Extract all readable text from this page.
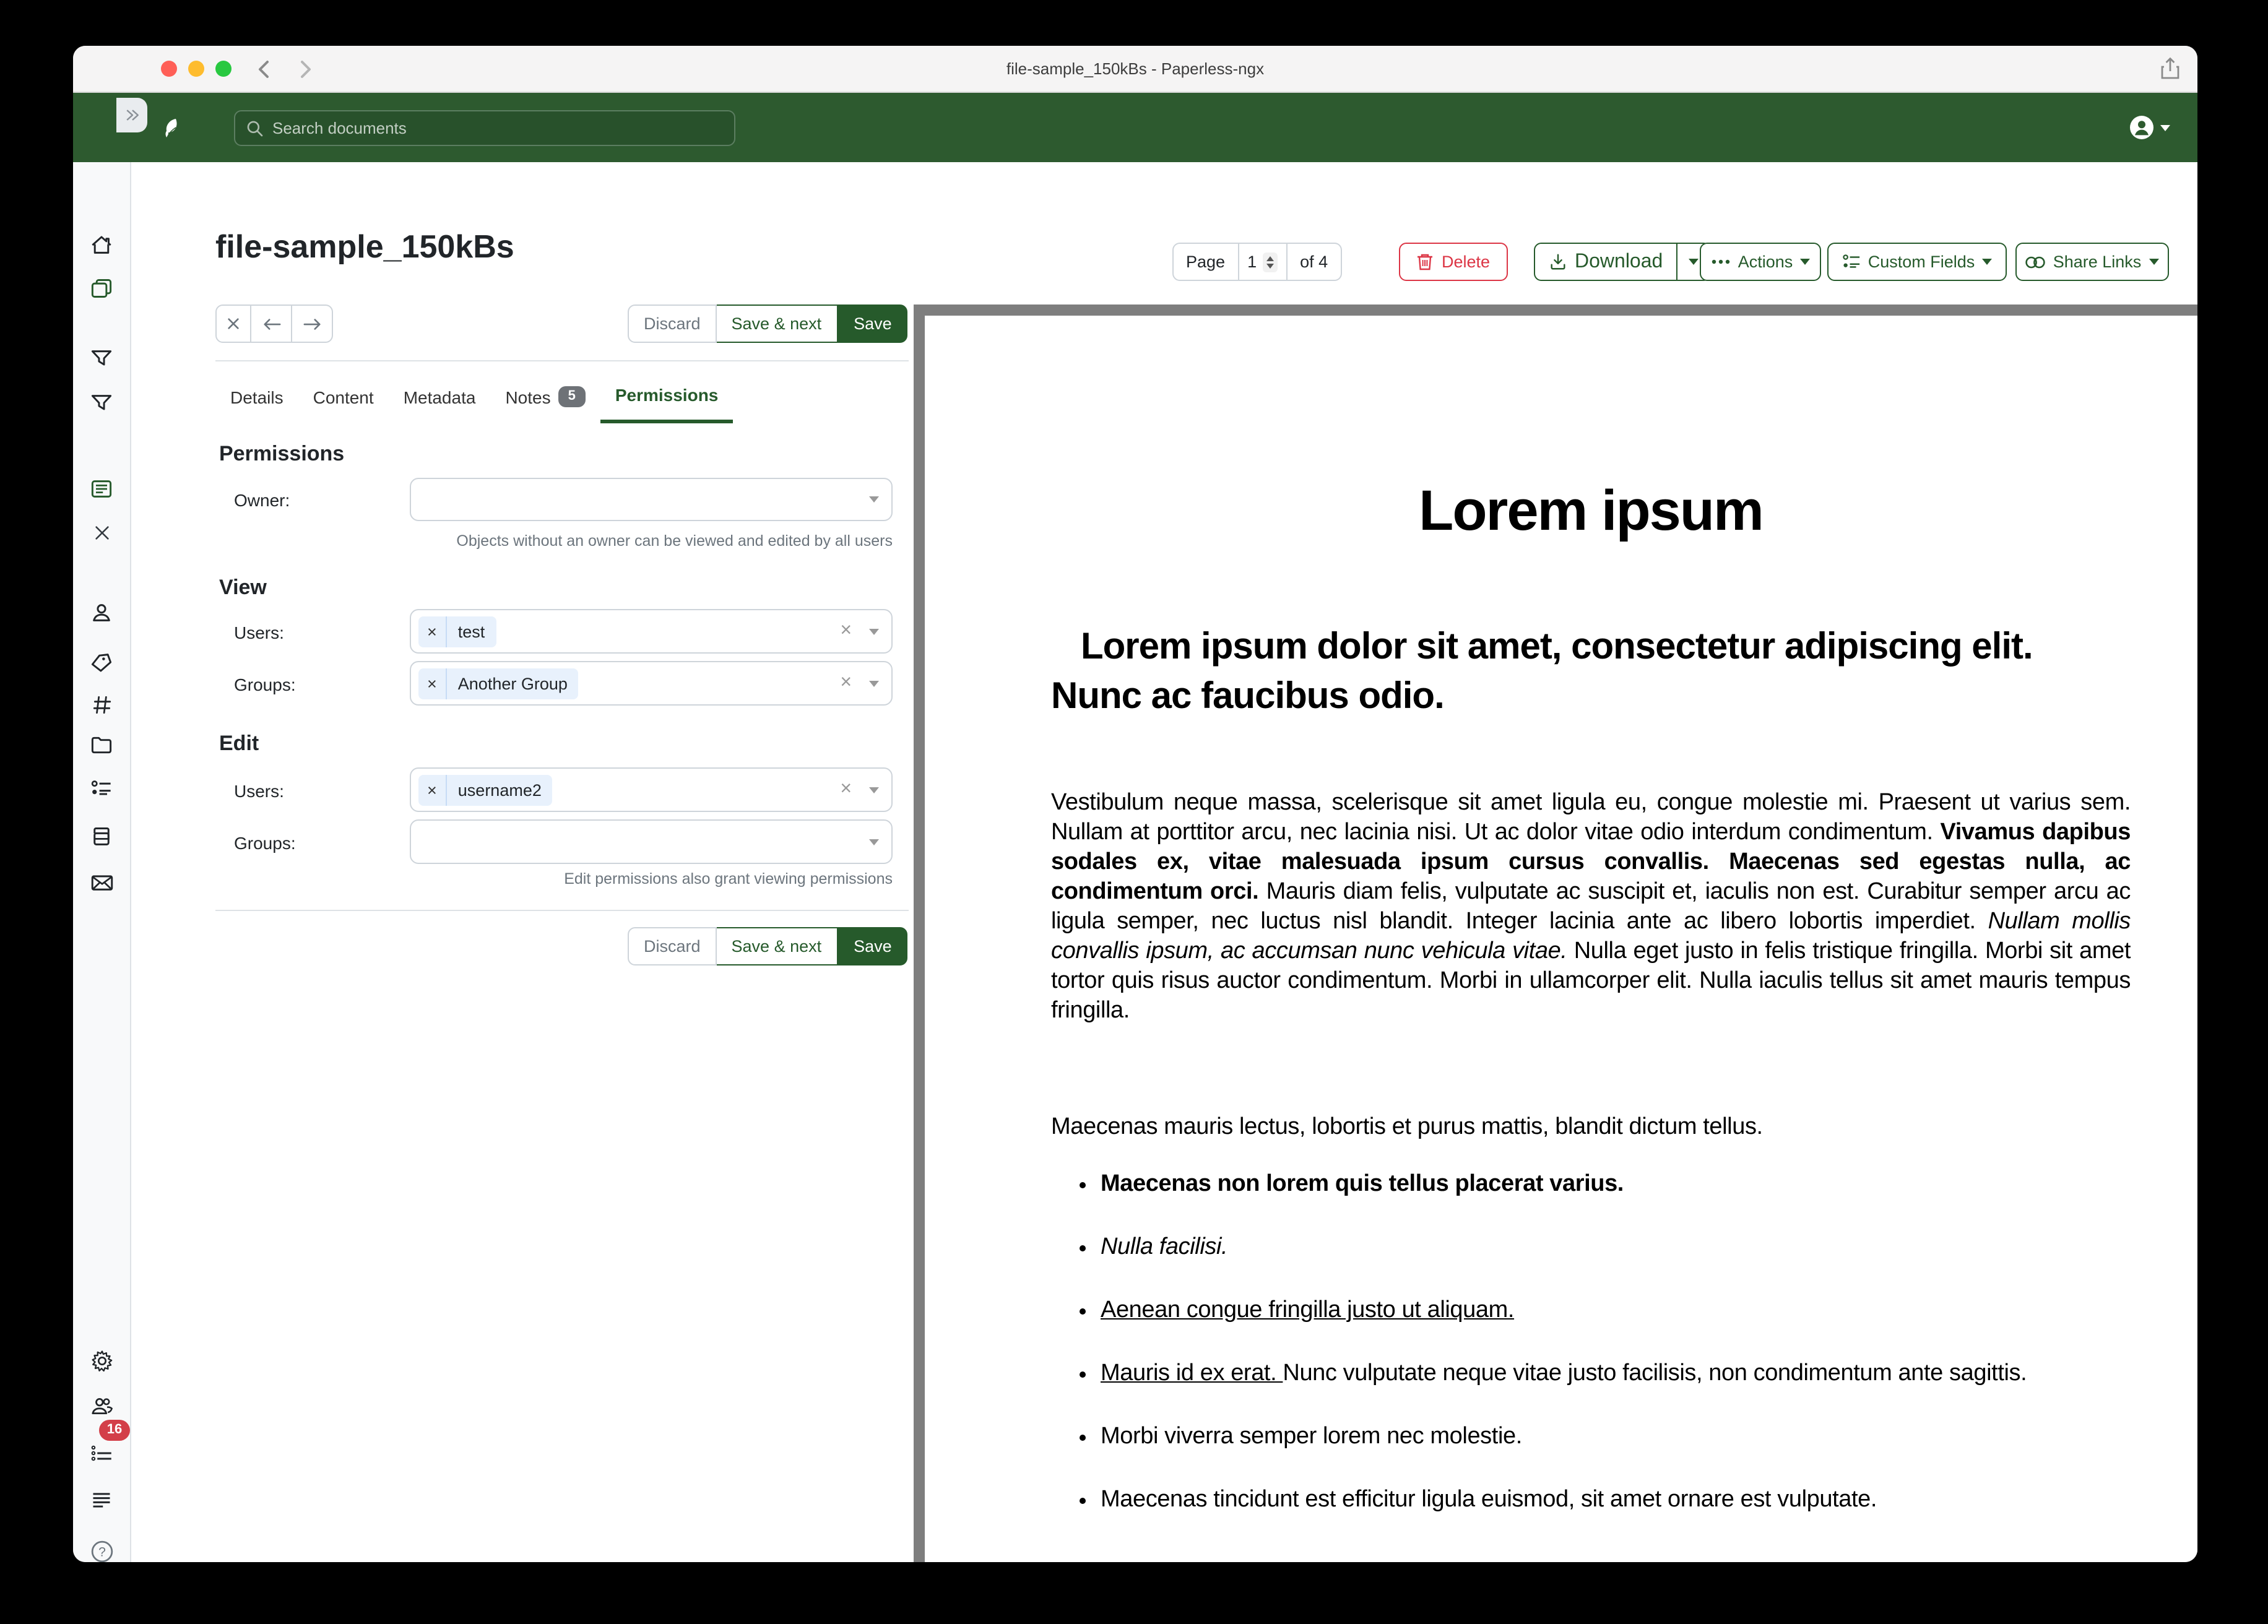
file-sample_150kBs - Paperless-ngx
Search documents
16
?
file-sample_150kBs	Page	1	of 4	Delete	Download	Actions	Custom Fields	Share Links
Discard	Save & next	Save
Details	Content	Metadata	Notes	5	Permissions
Permissions
Owner:
Objects without an owner can be viewed and edited by all users
View
Users:	×	test	×
Groups:	×	Another Group	×
Edit
Users:	×	username2	×
Groups:
Edit permissions also grant viewing permissions
Discard	Save & next	Save
Lorem ipsum
Lorem ipsum dolor sit amet, consectetur adipiscing elit. Nunc ac faucibus odio.
Vestibulum neque massa, scelerisque sit amet ligula eu, congue molestie mi. Praesent ut varius sem. Nullam at porttitor arcu, nec lacinia nisi. Ut ac dolor vitae odio interdum condimentum. Vivamus dapibus sodales ex, vitae malesuada ipsum cursus convallis. Maecenas sed egestas nulla, ac condimentum orci. Mauris diam felis, vulputate ac suscipit et, iaculis non est. Curabitur semper arcu ac ligula semper, nec luctus nisl blandit. Integer lacinia ante ac libero lobortis imperdiet. Nullam mollis convallis ipsum, ac accumsan nunc vehicula vitae. Nulla eget justo in felis tristique fringilla. Morbi sit amet tortor quis risus auctor condimentum. Morbi in ullamcorper elit. Nulla iaculis tellus sit amet mauris tempus fringilla.
Maecenas mauris lectus, lobortis et purus mattis, blandit dictum tellus.
• Maecenas non lorem quis tellus placerat varius.
• Nulla facilisi.
• Aenean congue fringilla justo ut aliquam.
• Mauris id ex erat. Nunc vulputate neque vitae justo facilisis, non condimentum ante sagittis.
• Morbi viverra semper lorem nec molestie.
• Maecenas tincidunt est efficitur ligula euismod, sit amet ornare est vulputate.
